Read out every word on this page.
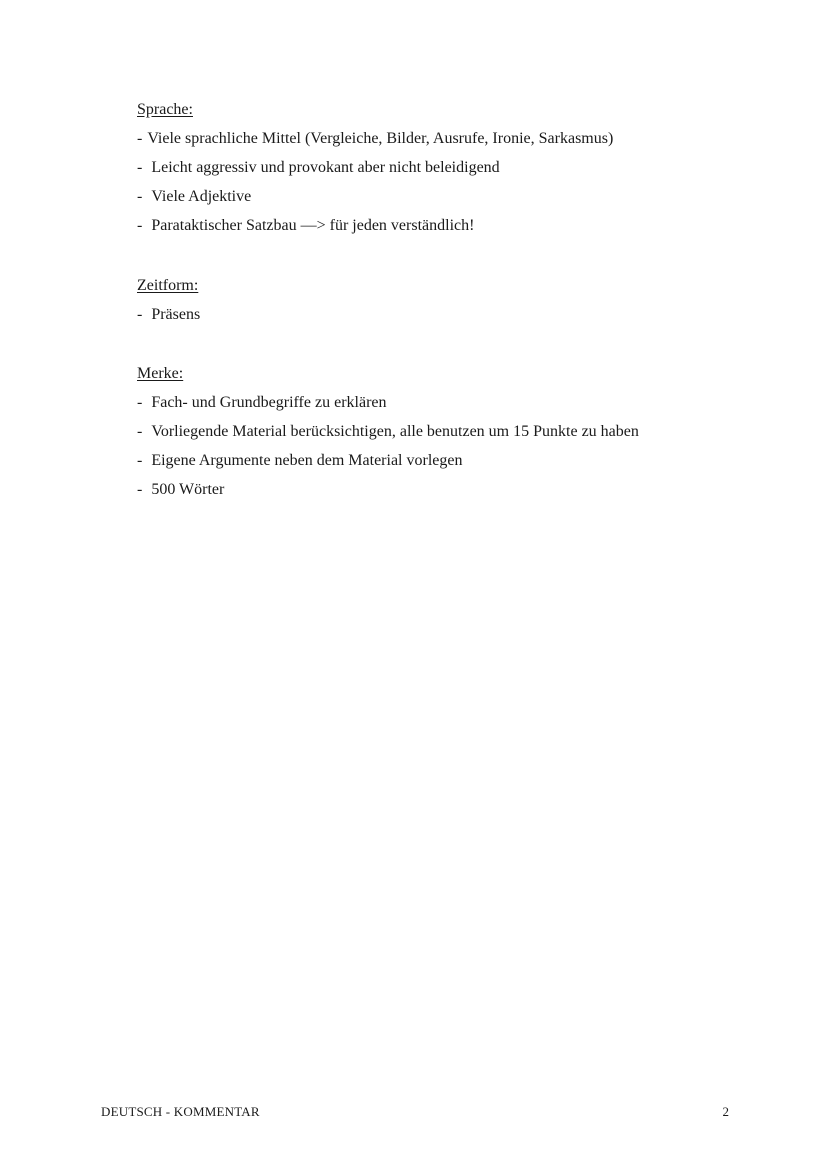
Sprache:

- Viele sprachliche Mittel (Vergleiche, Bilder, Ausrufe, Ironie, Sarkasmus)
- Leicht aggressiv und provokant aber nicht beleidigend
- Viele Adjektive
- Parataktischer Satzbau —> für jeden verständlich!

Zeitform:

- Präsens

Merke:

- Fach- und Grundbegriffe zu erklären
- Vorliegende Material berücksichtigen, alle benutzen um 15 Punkte zu haben
- Eigene Argumente neben dem Material vorlegen
- 500 Wörter
DEUTSCH - KOMMENTAR	2
